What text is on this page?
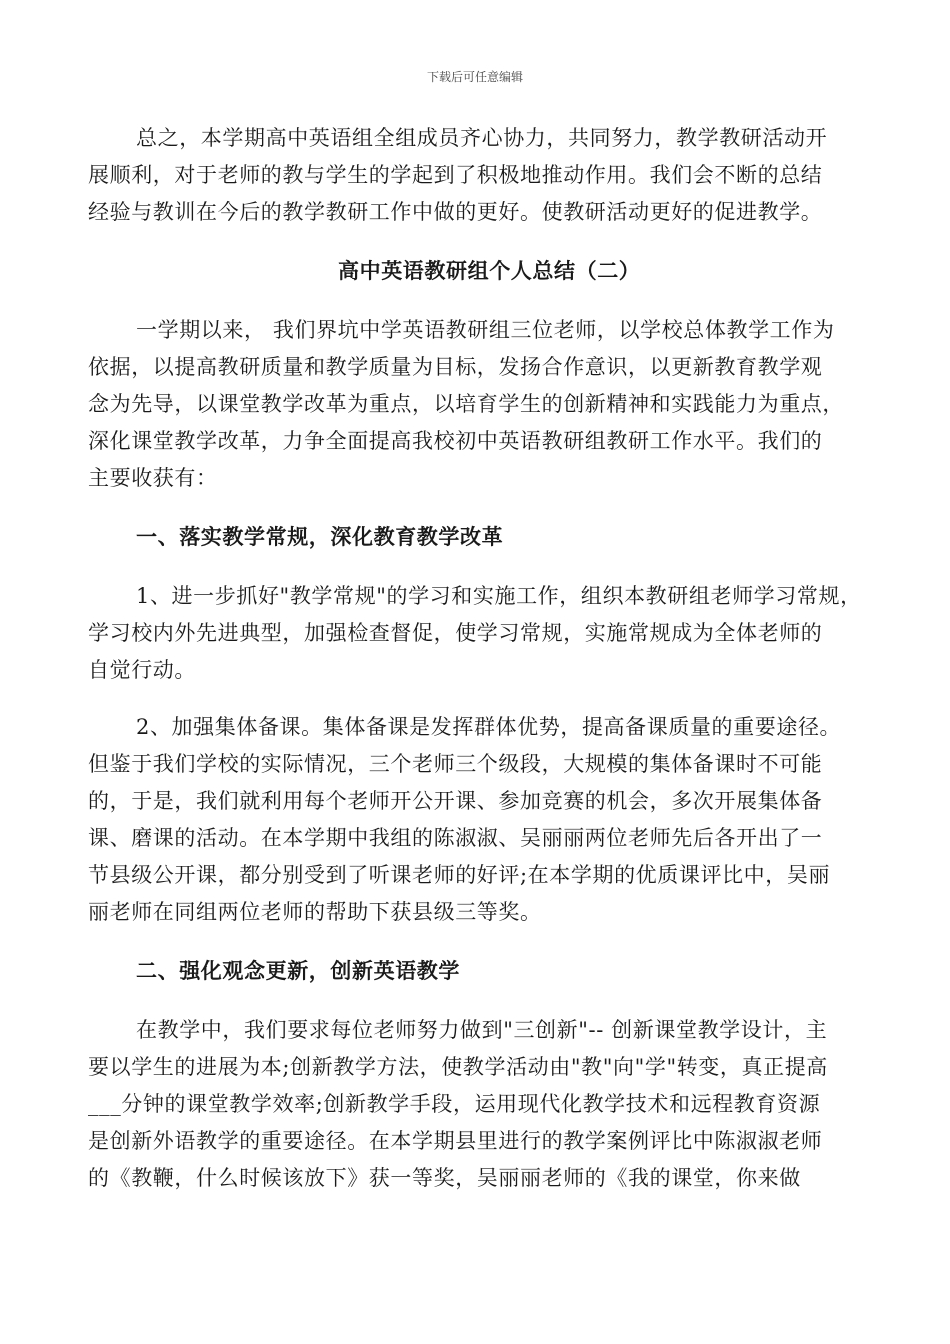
下载后可任意编辑
总之，本学期高中英语组全组成员齐心协力，共同努力，教学教研活动开
展顺利，对于老师的教与学生的学起到了积极地推动作用。我们会不断的总结
经验与教训在今后的教学教研工作中做的更好。使教研活动更好的促进教学。
高中英语教研组个人总结（二）
一学期以来， 我们界坑中学英语教研组三位老师，以学校总体教学工作为
依据，以提高教研质量和教学质量为目标，发扬合作意识，以更新教育教学观
念为先导，以课堂教学改革为重点，以培育学生的创新精神和实践能力为重点，
深化课堂教学改革，力争全面提高我校初中英语教研组教研工作水平。我们的
主要收获有：
一、落实教学常规，深化教育教学改革
1、进一步抓好"教学常规"的学习和实施工作，组织本教研组老师学习常规，
学习校内外先进典型，加强检查督促，使学习常规，实施常规成为全体老师的
自觉行动。
2、加强集体备课。集体备课是发挥群体优势，提高备课质量的重要途径。
但鉴于我们学校的实际情况，三个老师三个级段，大规模的集体备课时不可能
的，于是，我们就利用每个老师开公开课、参加竞赛的机会，多次开展集体备
课、磨课的活动。在本学期中我组的陈淑淑、吴丽丽两位老师先后各开出了一
节县级公开课，都分别受到了听课老师的好评;在本学期的优质课评比中，吴丽
丽老师在同组两位老师的帮助下获县级三等奖。
二、强化观念更新，创新英语教学
在教学中，我们要求每位老师努力做到"三创新"-- 创新课堂教学设计，主
要以学生的进展为本;创新教学方法，使教学活动由"教"向"学"转变，真正提高
___分钟的课堂教学效率;创新教学手段，运用现代化教学技术和远程教育资源
是创新外语教学的重要途径。在本学期县里进行的教学案例评比中陈淑淑老师
的《教鞭，什么时候该放下》获一等奖，吴丽丽老师的《我的课堂，你来做
